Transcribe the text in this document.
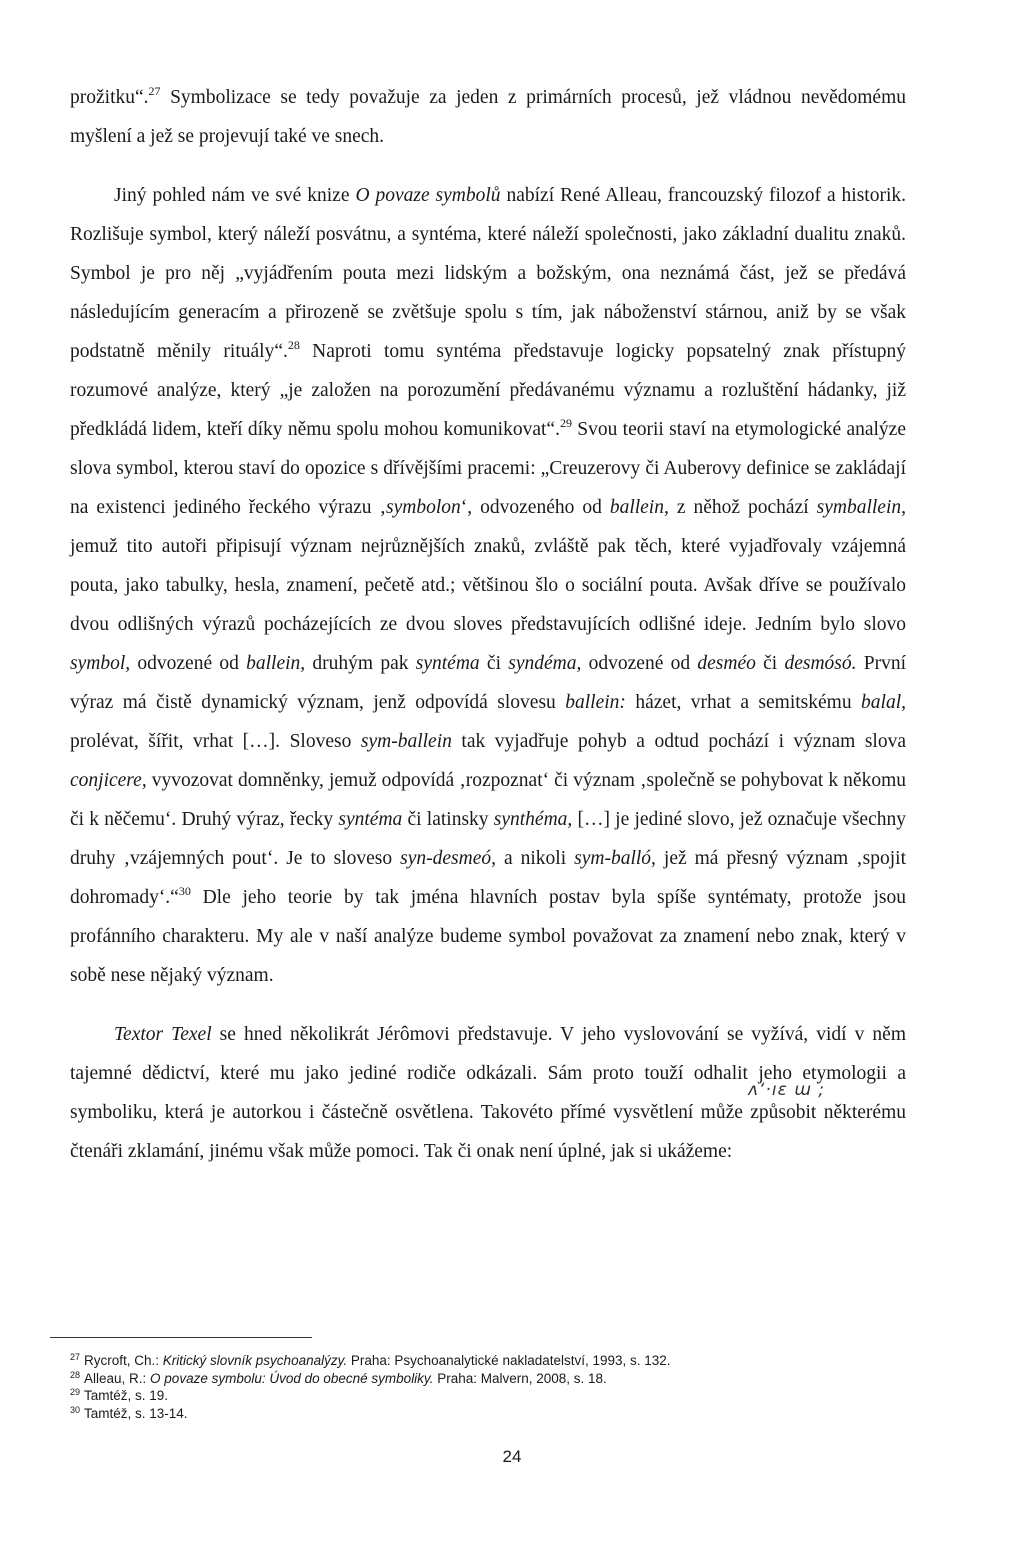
prožitku“.$^{27}$ Symbolizace se tedy považuje za jeden z primárních procesů, jež vládnou nevědomému myšlení a jež se projevují také ve snech.

Jiný pohled nám ve své knize O povaze symbolů nabízí René Alleau, francouzský filozof a historik. Rozlišuje symbol, který náleží posvátnu, a syntéma, které náleží společnosti, jako základní dualitu znaků. Symbol je pro něj „vyjádřením pouta mezi lidským a božským, ona neznámá část, jež se předává následujícím generacím a přirozeně se zvětšuje spolu s tím, jak náboženství stárnou, aniž by se však podstatně měnily rituály“.$^{28}$ Naproti tomu syntéma představuje logicky popsatelný znak přístupný rozumové analýze, který „je založen na porozumění předávanému významu a rozluštění hádanky, již předkládá lidem, kteří díky němu spolu mohou komunikovat“.$^{29}$ Svou teorii staví na etymologické analýze slova symbol, kterou staví do opozice s dřívějšími pracemi: „Creuzerovy či Auberovy definice se zakládají na existenci jediného řeckého výrazu ‚symbolon‘, odvozeného od ballein, z něhož pochází symballein, jemuž tito autoři připisují význam nejrůznějších znaků, zvláště pak těch, které vyjadřovaly vzájemná pouta, jako tabulky, hesla, znamení, pečetě atd.; většinou šlo o sociální pouta. Avšak dříve se používalo dvou odlišných výrazů pocházejících ze dvou sloves představujících odlišné ideje. Jedním bylo slovo symbol, odvozené od ballein, druhým pak syntéma či syndéma, odvozené od desméo či desmósó. První výraz má čistě dynamický význam, jenž odpovídá slovesu ballein: házet, vrhat a semitskému balal, prolévat, šířit, vrhat […]. Sloveso sym-ballein tak vyjadřuje pohyb a odtud pochází i význam slova conjicere, vyvozovat domněnky, jemuž odpovídá ‚rozpoznat‘ či význam ‚společně se pohybovat k někomu či k něčemu‘. Druhý výraz, řecky syntéma či latinsky synthéma, […] je jediné slovo, jež označuje všechny druhy ‚vzájemných pout‘. Je to sloveso syn-desmeó, a nikoli sym-balló, jež má přesný význam ‚spojit dohromady‘.“$^{30}$ Dle jeho teorie by tak jména hlavních postav byla spíše syntématy, protože jsou profánního charakteru. My ale v naší analýze budeme symbol považovat za znamení nebo znak, který v sobě nese nějaký význam.

Textor Texel se hned několikrát Jérômovi představuje. V jeho vyslovování se vyžívá, vidí v něm tajemné dědictví, které mu jako jediné rodiče odkázali. Sám proto touží odhalit jeho etymologii a symboliku, která je autorkou i částečně osvětlena. Takovéto přímé vysvětlení může způsobit některému čtenáři zklamání, jinému však může pomoci. Tak či onak není úplné, jak si ukážeme:

ʌ‘·ıɛ ɯ ;

$^{27}$ Rycroft, Ch.: Kritický slovník psychoanalýzy. Praha: Psychoanalytické nakladatelství, 1993, s. 132.

$^{28}$ Alleau, R.: O povaze symbolu: Úvod do obecné symboliky. Praha: Malvern, 2008, s. 18.

$^{29}$ Tamtéž, s. 19.

$^{30}$ Tamtéž, s. 13-14.

24
